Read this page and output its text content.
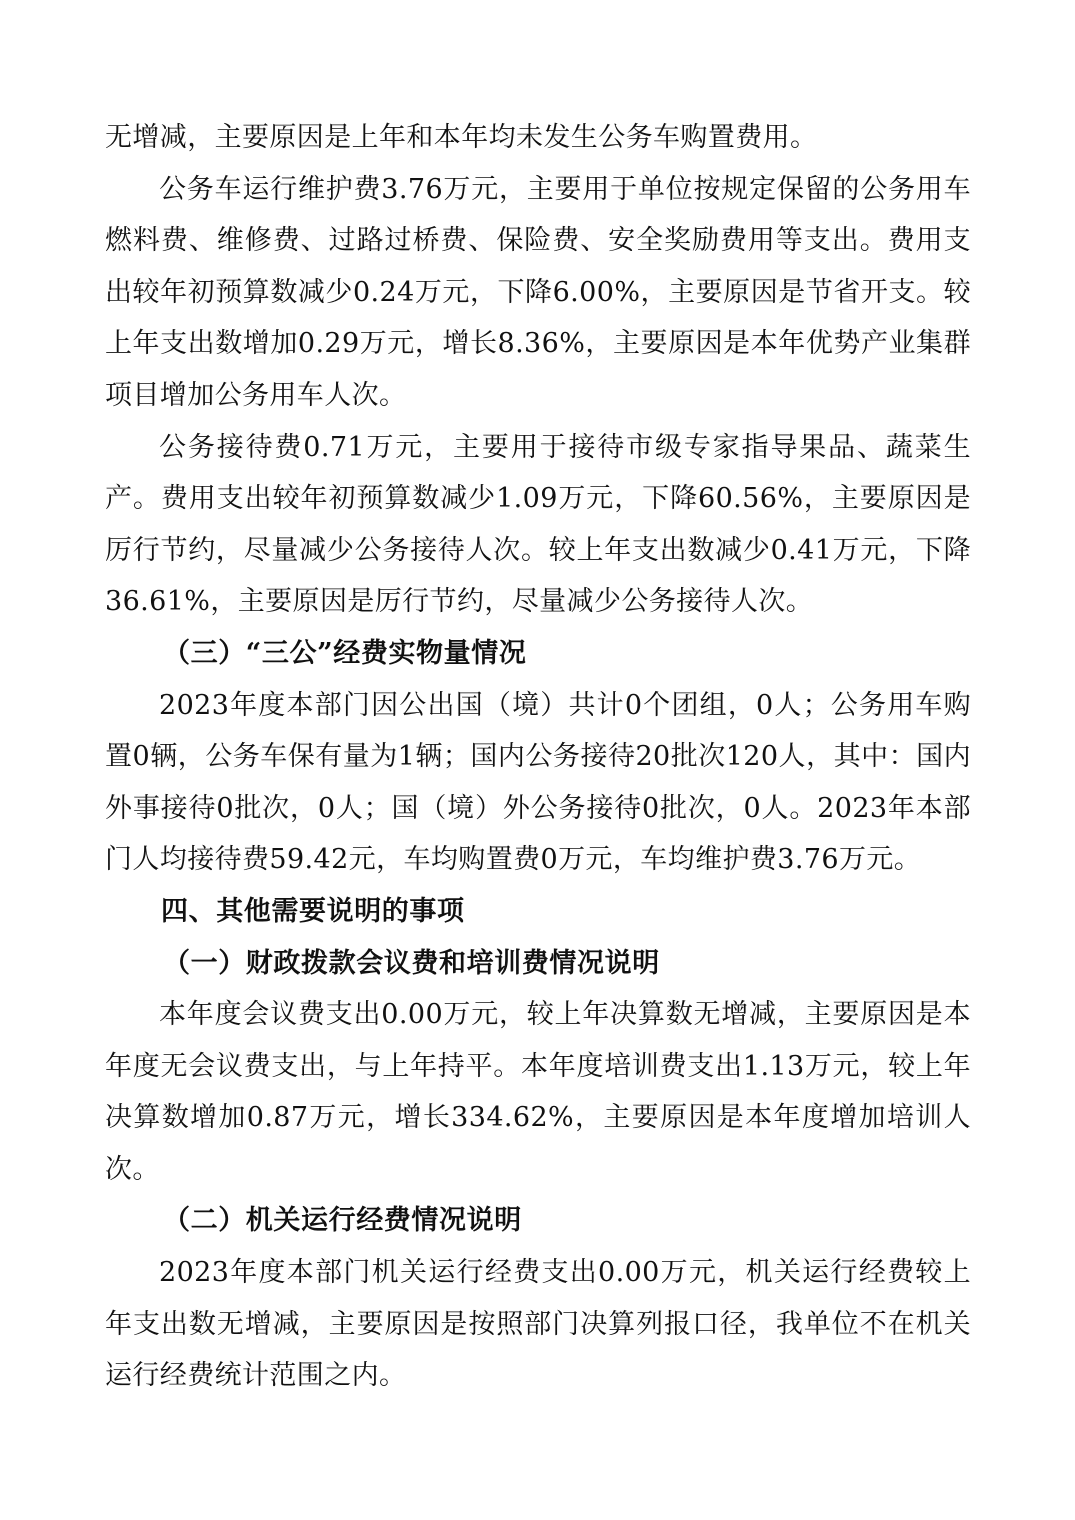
无增减，主要原因是上年和本年均未发生公务车购置费用。

公务车运行维护费3.76万元，主要用于单位按规定保留的公务用车燃料费、维修费、过路过桥费、保险费、安全奖励费用等支出。费用支出较年初预算数减少0.24万元，下降6.00%，主要原因是节省开支。较上年支出数增加0.29万元，增长8.36%，主要原因是本年优势产业集群项目增加公务用车人次。

公务接待费0.71万元，主要用于接待市级专家指导果品、蔬菜生产。费用支出较年初预算数减少1.09万元，下降60.56%，主要原因是厉行节约，尽量减少公务接待人次。较上年支出数减少0.41万元，下降36.61%，主要原因是厉行节约，尽量减少公务接待人次。

（三）“三公”经费实物量情况

2023年度本部门因公出国（境）共计0个团组，0人；公务用车购置0辆，公务车保有量为1辆；国内公务接待20批次120人，其中：国内外事接待0批次，0人；国（境）外公务接待0批次，0人。2023年本部门人均接待费59.42元，车均购置费0万元，车均维护费3.76万元。

四、其他需要说明的事项

（一）财政拨款会议费和培训费情况说明

本年度会议费支出0.00万元，较上年决算数无增减，主要原因是本年度无会议费支出，与上年持平。本年度培训费支出1.13万元，较上年决算数增加0.87万元，增长334.62%，主要原因是本年度增加培训人次。

（二）机关运行经费情况说明

2023年度本部门机关运行经费支出0.00万元，机关运行经费较上年支出数无增减，主要原因是按照部门决算列报口径，我单位不在机关运行经费统计范围之内。
